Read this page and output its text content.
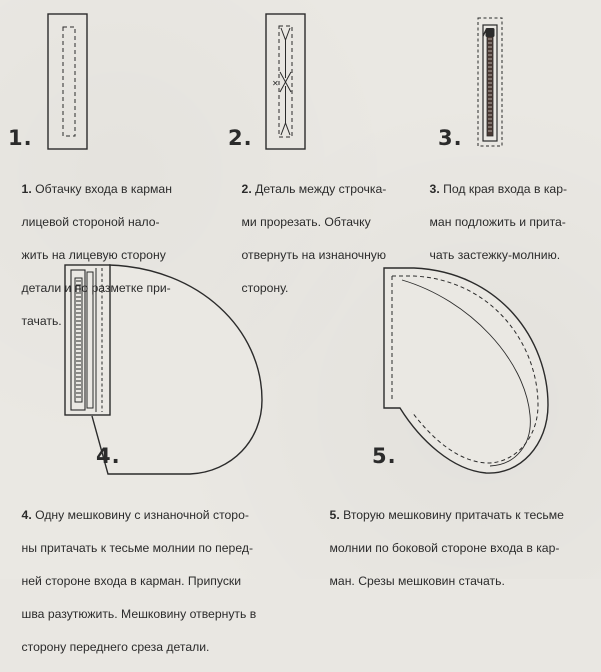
✕
1.	2.	3.
4.	5.

1. Обтачку входа в карман

лицевой стороной нало-

жить на лицевую сторону

детали и по разметке при-

тачать.

2. Деталь между строчка-

ми прорезать. Обтачку

отвернуть на изнаночную

сторону.

3. Под края входа в кар-

ман подложить и прита-

чать застежку-молнию.

4. Одну мешковину с изнаночной сторо-

ны притачать к тесьме молнии по перед-

ней стороне входа в карман. Припуски

шва разутюжить. Мешковину отвернуть в

сторону переднего среза детали.

5. Вторую мешковину притачать к тесьме

молнии по боковой стороне входа в кар-

ман. Срезы мешковин стачать.
